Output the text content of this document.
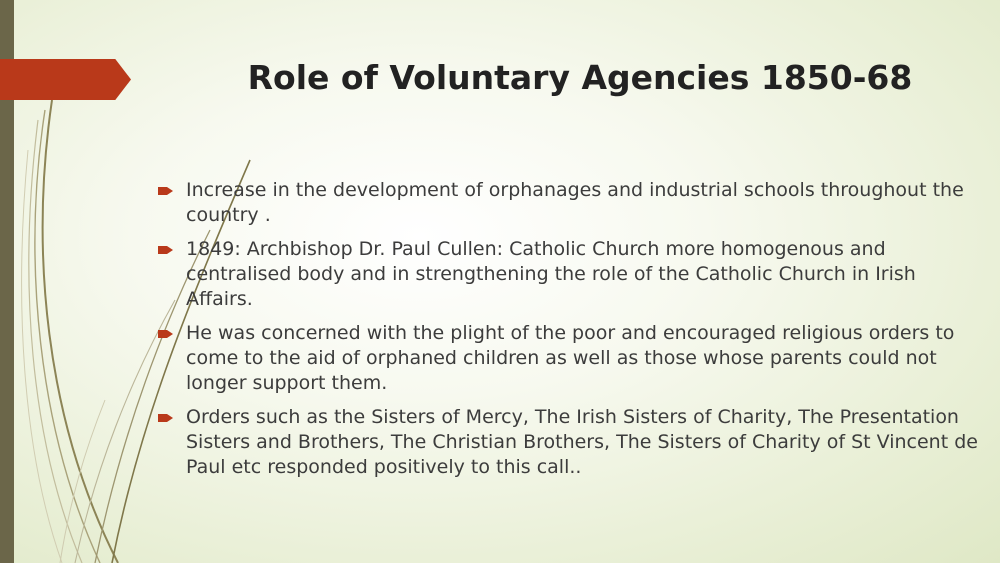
Role of Voluntary Agencies 1850-68
Increase in the development of orphanages and industrial schools throughout the country .
1849: Archbishop Dr. Paul Cullen: Catholic Church more homogenous and centralised body and in strengthening the role of the Catholic Church in Irish Affairs.
He was concerned with the plight of the poor and encouraged religious orders to come to the aid of orphaned children as well as those whose parents could not longer support them.
Orders such as the Sisters of Mercy, The Irish Sisters of Charity, The Presentation Sisters and Brothers, The Christian Brothers, The Sisters of Charity of St Vincent de Paul etc responded positively to this call..
